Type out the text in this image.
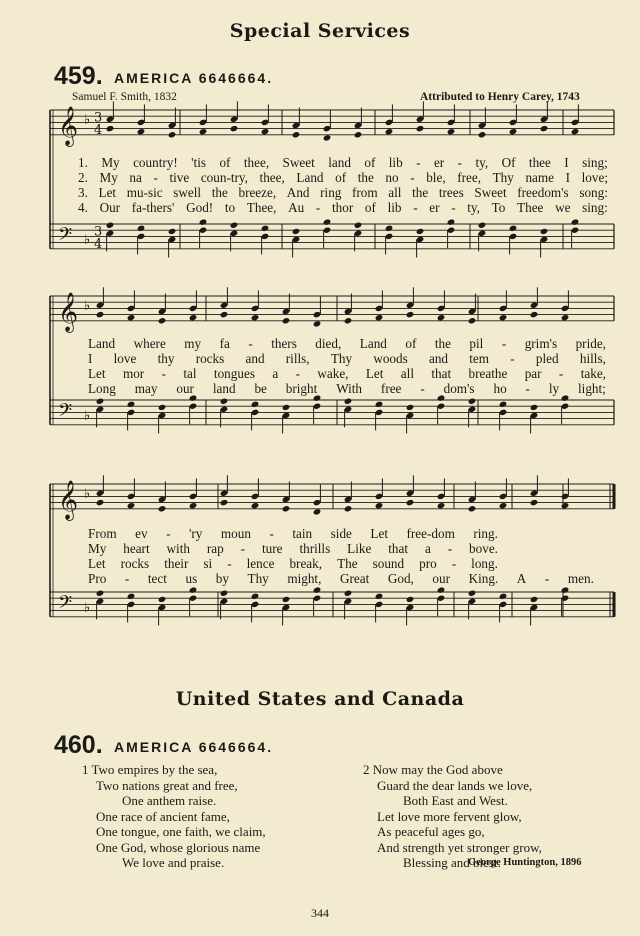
Special Services
459. AMERICA 6646664.
Samuel F. Smith, 1832	Attributed to Henry Carey, 1743
𝄞
𝄢
♭
♭
3
4
3
4
𝄞
𝄢
♭
♭
𝄞
𝄢
♭
♭
1. My country! 'tis of thee, Sweet land of lib - er - ty, Of thee I sing;
2. My na - tive coun-try, thee, Land of the no - ble, free, Thy name I love;
3. Let mu-sic swell the breeze, And ring from all the trees Sweet freedom's song:
4. Our fa-thers' God! to Thee, Au - thor of lib - er - ty, To Thee we sing:
Land where my fa - thers died, Land of the pil - grim's pride,
I love thy rocks and rills, Thy woods and tem - pled hills,
Let mor - tal tongues a - wake, Let all that breathe par - take,
Long may our land be bright With free - dom's ho - ly light;
From ev - 'ry moun - tain side Let free-dom ring.
My heart with rap - ture thrills Like that a - bove.
Let rocks their si - lence break, The sound pro - long.
Pro - tect us by Thy might, Great God, our King. A - men.
United States and Canada
460. AMERICA 6646664.
1 Two empires by the sea,
Two nations great and free,
One anthem raise.
One race of ancient fame,
One tongue, one faith, we claim,
One God, whose glorious name
We love and praise.
2 Now may the God above
Guard the dear lands we love,
Both East and West.
Let love more fervent glow,
As peaceful ages go,
And strength yet stronger grow,
Blessing and blest.
George Huntington, 1896
344
